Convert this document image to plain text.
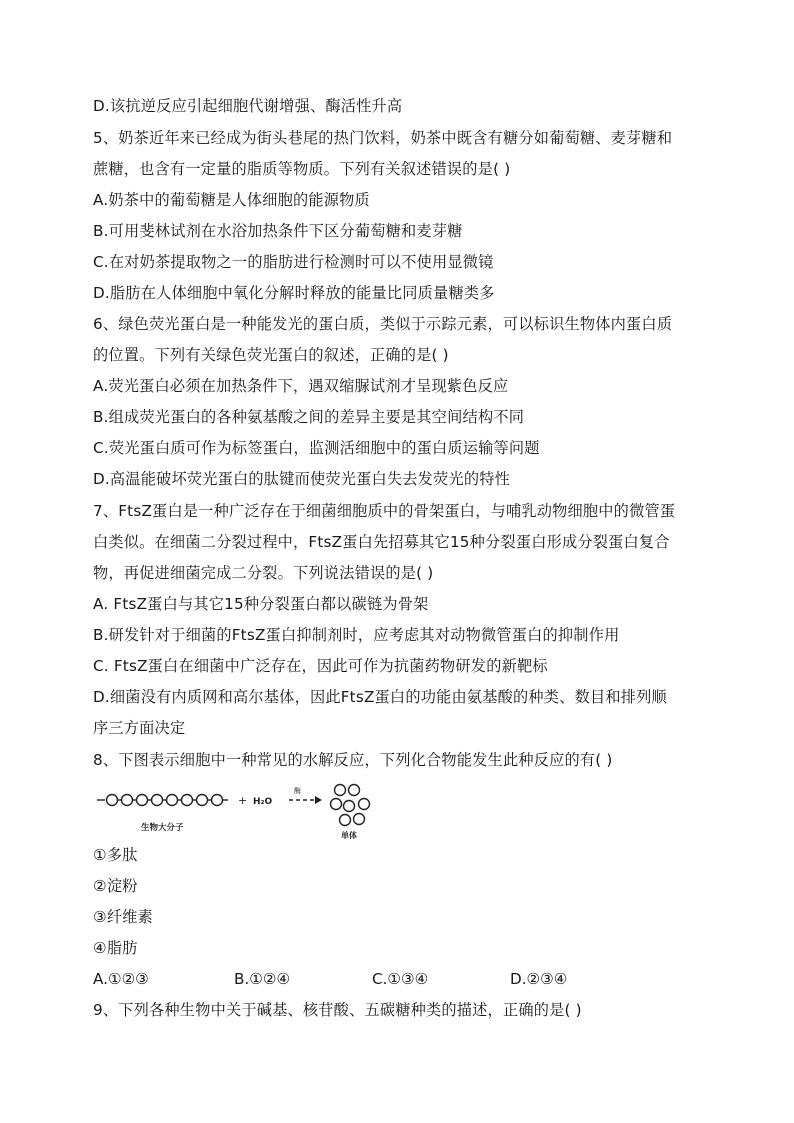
D.该抗逆反应引起细胞代谢增强、酶活性升高
5、奶茶近年来已经成为街头巷尾的热门饮料，奶茶中既含有糖分如葡萄糖、麦芽糖和
蔗糖，也含有一定量的脂质等物质。下列有关叙述错误的是( )
A.奶茶中的葡萄糖是人体细胞的能源物质
B.可用斐林试剂在水浴加热条件下区分葡萄糖和麦芽糖
C.在对奶茶提取物之一的脂肪进行检测时可以不使用显微镜
D.脂肪在人体细胞中氧化分解时释放的能量比同质量糖类多
6、绿色荧光蛋白是一种能发光的蛋白质，类似于示踪元素，可以标识生物体内蛋白质
的位置。下列有关绿色荧光蛋白的叙述，正确的是( )
A.荧光蛋白必须在加热条件下，遇双缩脲试剂才呈现紫色反应
B.组成荧光蛋白的各种氨基酸之间的差异主要是其空间结构不同
C.荧光蛋白质可作为标签蛋白，监测活细胞中的蛋白质运输等问题
D.高温能破坏荧光蛋白的肽键而使荧光蛋白失去发荧光的特性
7、FtsZ蛋白是一种广泛存在于细菌细胞质中的骨架蛋白，与哺乳动物细胞中的微管蛋
白类似。在细菌二分裂过程中，FtsZ蛋白先招募其它15种分裂蛋白形成分裂蛋白复合
物，再促进细菌完成二分裂。下列说法错误的是( )
A. FtsZ蛋白与其它15种分裂蛋白都以碳链为骨架
B.研发针对于细菌的FtsZ蛋白抑制剂时，应考虑其对动物微管蛋白的抑制作用
C. FtsZ蛋白在细菌中广泛存在，因此可作为抗菌药物研发的新靶标
D.细菌没有内质网和高尔基体，因此FtsZ蛋白的功能由氨基酸的种类、数目和排列顺
序三方面决定
8、下图表示细胞中一种常见的水解反应，下列化合物能发生此种反应的有( )
+ H₂O
酶
生物大分子
单体
①多肽
②淀粉
③纤维素
④脂肪
A.①②③	B.①②④	C.①③④	D.②③④
9、下列各种生物中关于碱基、核苷酸、五碳糖种类的描述，正确的是( )
